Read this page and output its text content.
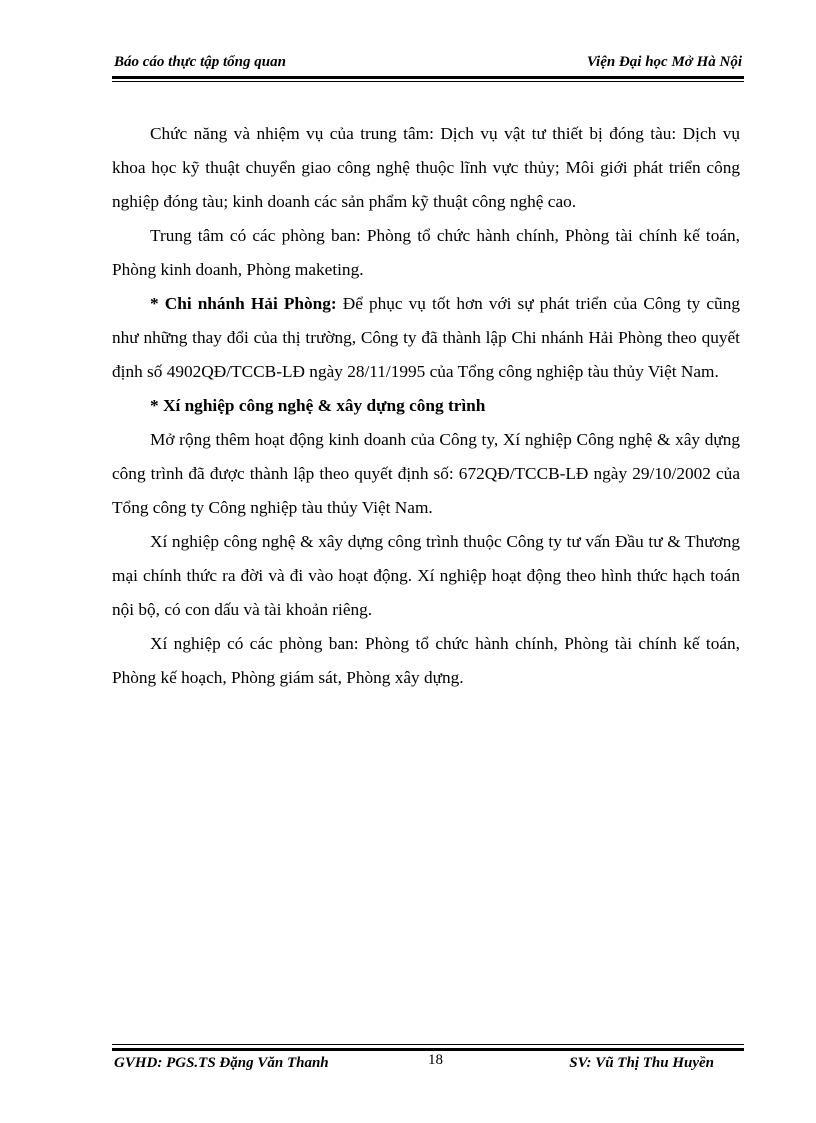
Báo cáo thực tập tổng quan	Viện Đại học Mở Hà Nội

Chức năng và nhiệm vụ của trung tâm: Dịch vụ vật tư thiết bị đóng tàu: Dịch vụ khoa học kỹ thuật chuyển giao công nghệ thuộc lĩnh vực thủy; Môi giới phát triển công nghiệp đóng tàu; kinh doanh các sản phẩm kỹ thuật công nghệ cao.

Trung tâm có các phòng ban: Phòng tổ chức hành chính, Phòng tài chính kế toán, Phòng kinh doanh, Phòng maketing.

* Chi nhánh Hải Phòng: Để phục vụ tốt hơn với sự phát triển của Công ty cũng như những thay đổi của thị trường, Công ty đã thành lập Chi nhánh Hải Phòng theo quyết định số 4902QĐ/TCCB-LĐ ngày 28/11/1995 của Tổng công nghiệp tàu thủy Việt Nam.

* Xí nghiệp công nghệ & xây dựng công trình

Mở rộng thêm hoạt động kinh doanh của Công ty, Xí nghiệp Công nghệ & xây dựng công trình đã được thành lập theo quyết định số: 672QĐ/TCCB-LĐ ngày 29/10/2002 của Tổng công ty Công nghiệp tàu thủy Việt Nam.

Xí nghiệp công nghệ & xây dựng công trình thuộc Công ty tư vấn Đầu tư & Thương mại chính thức ra đời và đi vào hoạt động. Xí nghiệp hoạt động theo hình thức hạch toán nội bộ, có con dấu và tài khoản riêng.

Xí nghiệp có các phòng ban: Phòng tổ chức hành chính, Phòng tài chính kế toán, Phòng kế hoạch, Phòng giám sát, Phòng xây dựng.

GVHD: PGS.TS Đặng Văn Thanh	18	SV: Vũ Thị Thu Huyền
